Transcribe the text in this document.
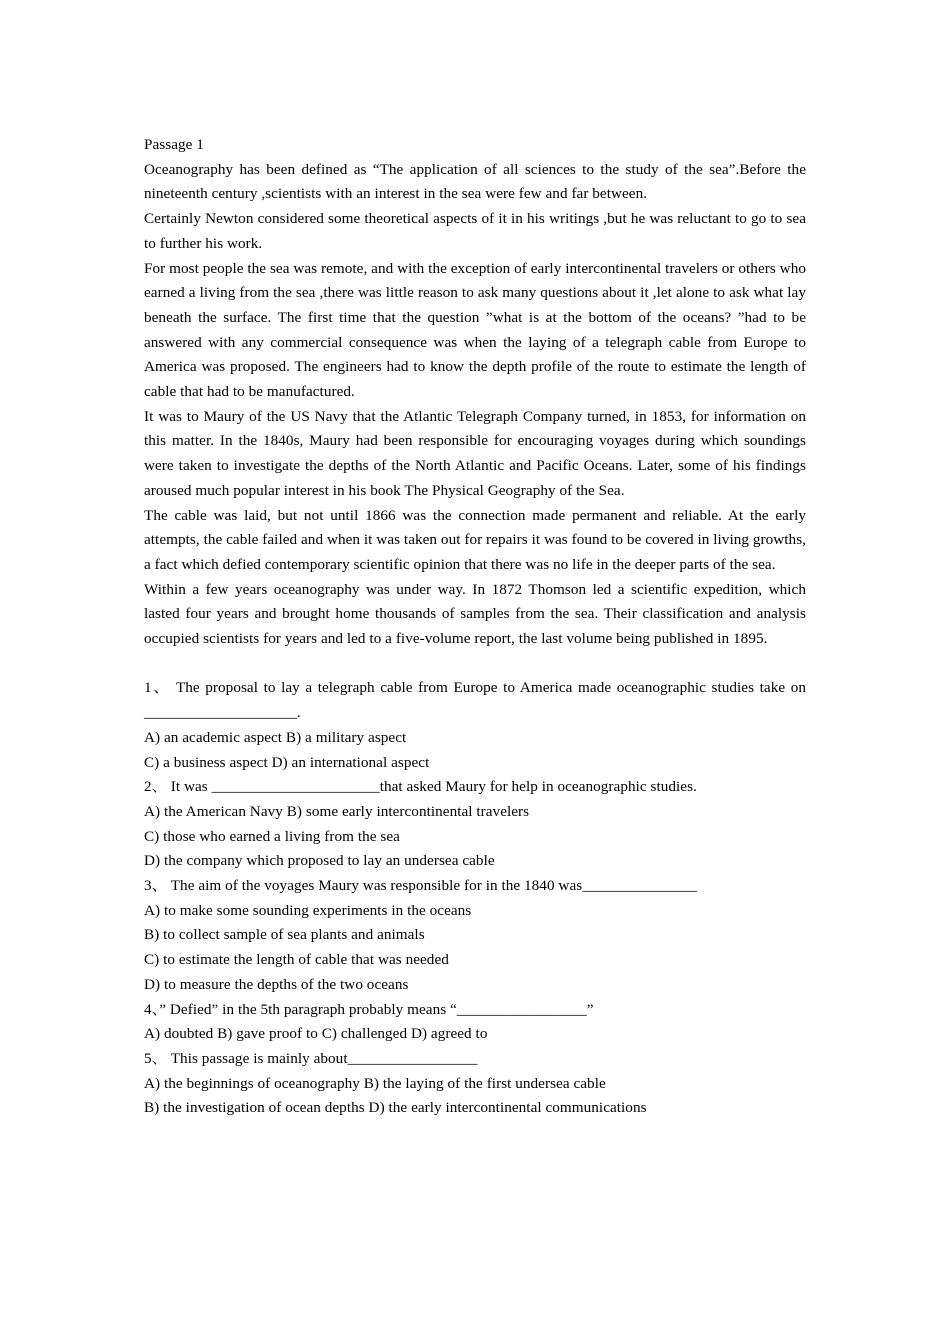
Passage 1

Oceanography has been defined as “The application of all sciences to the study of the sea”.Before the nineteenth century ,scientists with an interest in the sea were few and far between.

Certainly Newton considered some theoretical aspects of it in his writings ,but he was reluctant to go to sea to further his work.

For most people the sea was remote, and with the exception of early intercontinental travelers or others who earned a living from the sea ,there was little reason to ask many questions about it ,let alone to ask what lay beneath the surface. The first time that the question ”what is at the bottom of the oceans? ”had to be answered with any commercial consequence was when the laying of a telegraph cable from Europe to America was proposed. The engineers had to know the depth profile of the route to estimate the length of cable that had to be manufactured.

It was to Maury of the US Navy that the Atlantic Telegraph Company turned, in 1853, for information on this matter. In the 1840s, Maury had been responsible for encouraging voyages during which soundings were taken to investigate the depths of the North Atlantic and Pacific Oceans. Later, some of his findings aroused much popular interest in his book The Physical Geography of the Sea.

The cable was laid, but not until 1866 was the connection made permanent and reliable. At the early attempts, the cable failed and when it was taken out for repairs it was found to be covered in living growths, a fact which defied contemporary scientific opinion that there was no life in the deeper parts of the sea.

Within a few years oceanography was under way. In 1872 Thomson led a scientific expedition, which lasted four years and brought home thousands of samples from the sea. Their classification and analysis occupied scientists for years and led to a five-volume report, the last volume being published in 1895.

1、 The proposal to lay a telegraph cable from Europe to America made oceanographic studies take on ____________________.

A) an academic aspect B) a military aspect

C) a business aspect D) an international aspect

2、 It was ______________________that asked Maury for help in oceanographic studies.

A) the American Navy B) some early intercontinental travelers

C) those who earned a living from the sea

D) the company which proposed to lay an undersea cable

3、 The aim of the voyages Maury was responsible for in the 1840 was_______________

A) to make some sounding experiments in the oceans

B) to collect sample of sea plants and animals

C) to estimate the length of cable that was needed

D) to measure the depths of the two oceans

4、” Defied” in the 5th paragraph probably means “_________________”

A) doubted B) gave proof to C) challenged D) agreed to

5、 This passage is mainly about_________________

A) the beginnings of oceanography B) the laying of the first undersea cable

B) the investigation of ocean depths D) the early intercontinental communications
